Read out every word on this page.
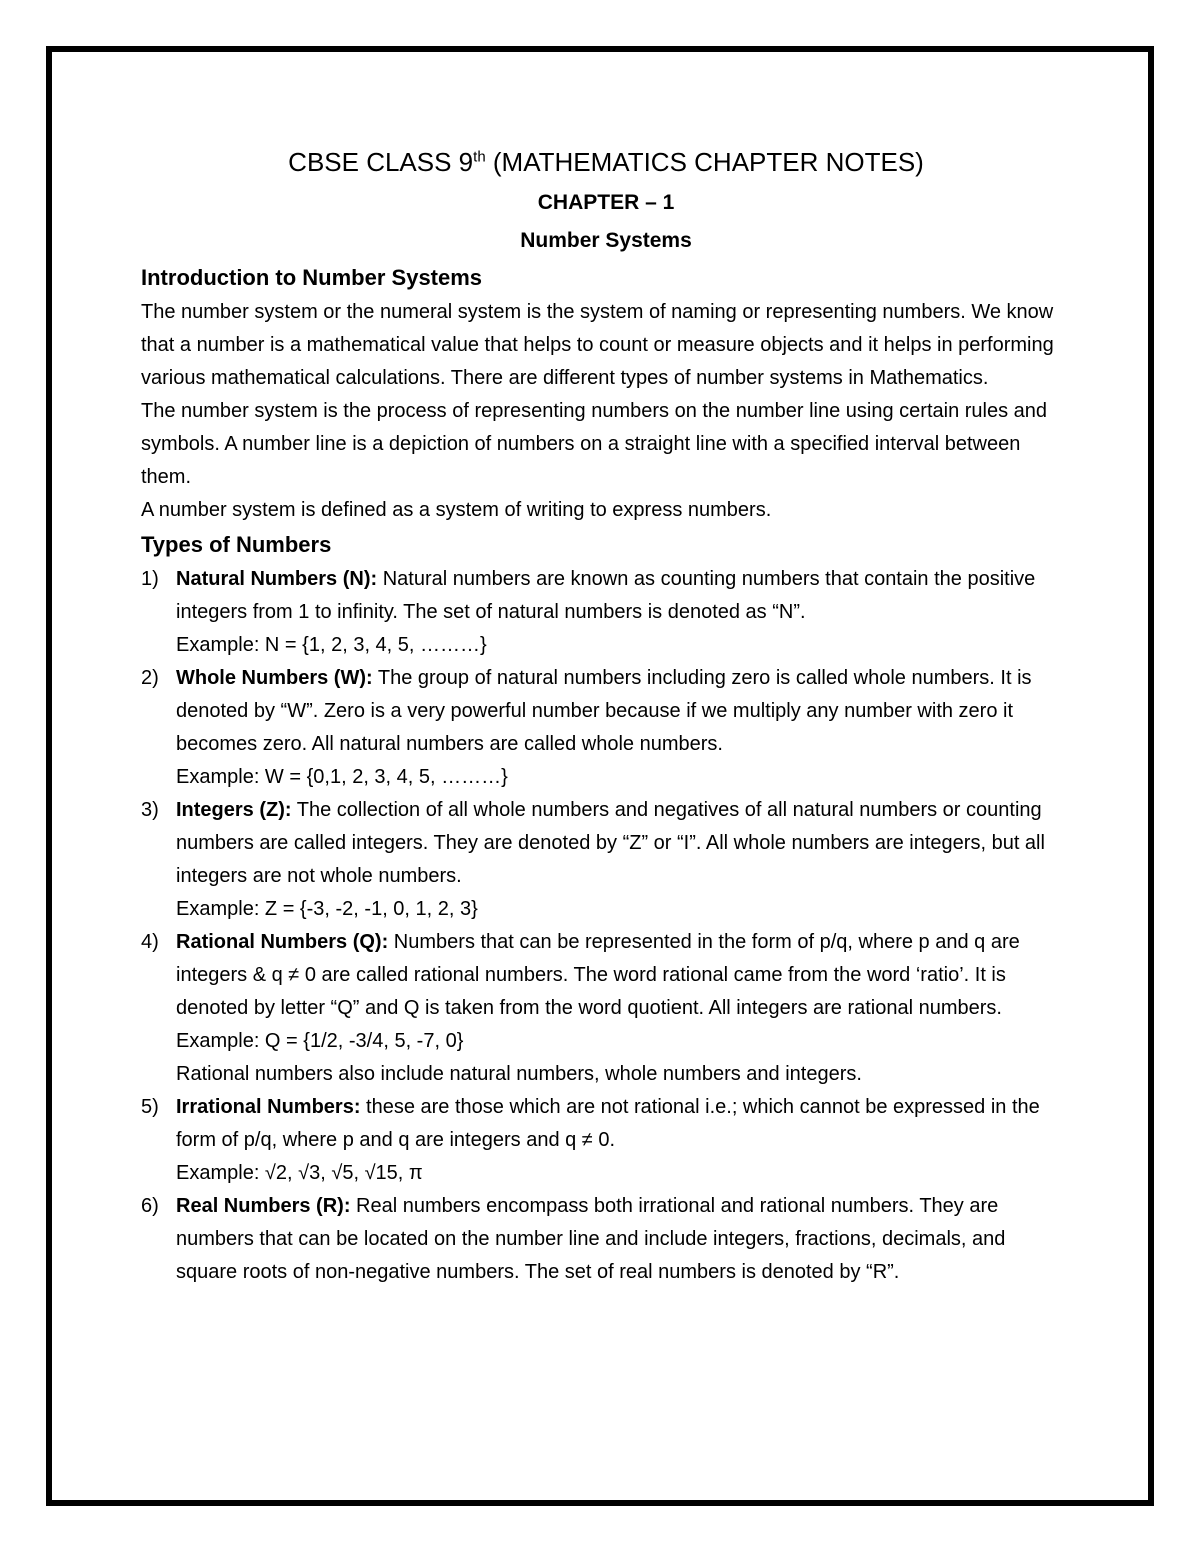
CBSE CLASS 9th (MATHEMATICS CHAPTER NOTES)

CHAPTER – 1

Number Systems

Introduction to Number Systems

The number system or the numeral system is the system of naming or representing numbers. We know that a number is a mathematical value that helps to count or measure objects and it helps in performing various mathematical calculations. There are different types of number systems in Mathematics.

The number system is the process of representing numbers on the number line using certain rules and symbols. A number line is a depiction of numbers on a straight line with a specified interval between them.

A number system is defined as a system of writing to express numbers.

Types of Numbers
1) Natural Numbers (N): Natural numbers are known as counting numbers that contain the positive integers from 1 to infinity. The set of natural numbers is denoted as “N”.
Example: N = {1, 2, 3, 4, 5, ………}
2) Whole Numbers (W): The group of natural numbers including zero is called whole numbers. It is denoted by “W”. Zero is a very powerful number because if we multiply any number with zero it becomes zero. All natural numbers are called whole numbers.
Example: W = {0,1, 2, 3, 4, 5, ………}
3) Integers (Z): The collection of all whole numbers and negatives of all natural numbers or counting numbers are called integers. They are denoted by “Z” or “I”. All whole numbers are integers, but all integers are not whole numbers.
Example: Z = {-3, -2, -1, 0, 1, 2, 3}
4) Rational Numbers (Q): Numbers that can be represented in the form of p/q, where p and q are integers & q ≠ 0 are called rational numbers. The word rational came from the word ‘ratio’. It is denoted by letter “Q” and Q is taken from the word quotient. All integers are rational numbers.
Example: Q = {1/2, -3/4, 5, -7, 0}
Rational numbers also include natural numbers, whole numbers and integers.
5) Irrational Numbers: these are those which are not rational i.e.; which cannot be expressed in the form of p/q, where p and q are integers and q ≠ 0.
Example: √2, √3, √5, √15, π
6) Real Numbers (R): Real numbers encompass both irrational and rational numbers. They are numbers that can be located on the number line and include integers, fractions, decimals, and square roots of non-negative numbers. The set of real numbers is denoted by “R”.
